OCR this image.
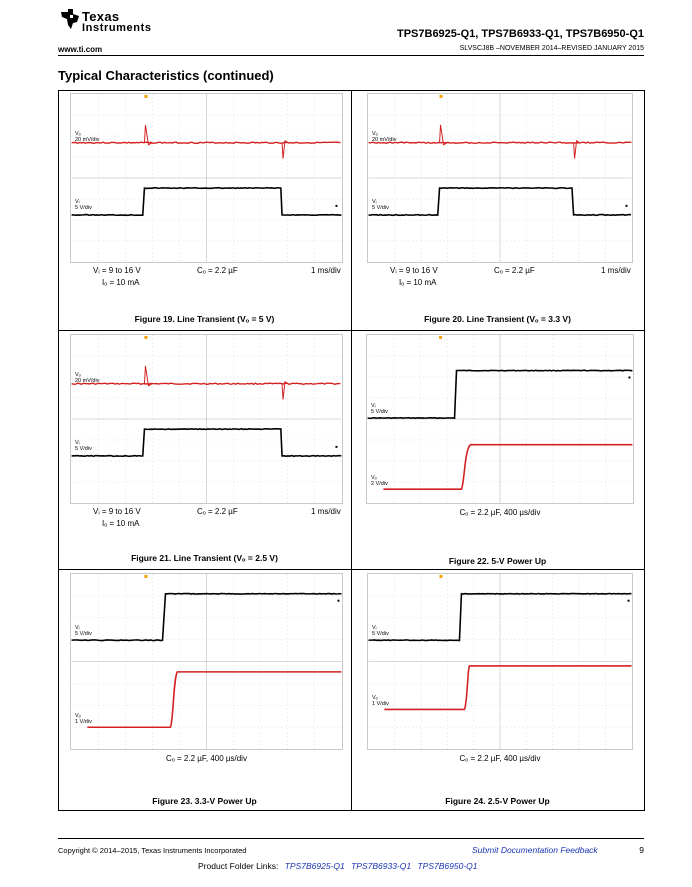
Texas
Instruments	TPS7B6925-Q1, TPS7B6933-Q1, TPS7B6950-Q1
www.ti.com	SLVSCJ8B –NOVEMBER 2014–REVISED JANUARY 2015
Typical Characteristics (continued)
Copyright © 2014–2015, Texas Instruments Incorporated	Submit Documentation Feedback	9
Product Folder Links: TPS7B6925-Q1 TPS7B6933-Q1 TPS7B6950-Q1
Vₒ
20 mV/div
Vᵢ
5 V/div
Vᵢ = 9 to 16 V	Cₒ = 2.2 µF	1 ms/div
Iₒ = 10 mA
Figure 19. Line Transient (Vₒ = 5 V)
Vₒ
20 mV/div
Vᵢ
5 V/div
Vᵢ = 9 to 16 V	Cₒ = 2.2 µF	1 ms/div
Iₒ = 10 mA
Figure 20. Line Transient (Vₒ = 3.3 V)
Vₒ
20 mV/div
Vᵢ
5 V/div
Vᵢ = 9 to 16 V	Cₒ = 2.2 µF	1 ms/div
Iₒ = 10 mA
Figure 21. Line Transient (Vₒ = 2.5 V)
Vᵢ
5 V/div
Vₒ
2 V/div
Cₒ = 2.2 µF, 400 µs/div
Figure 22. 5-V Power Up
Vᵢ
5 V/div
Vₒ
1 V/div
Cₒ = 2.2 µF, 400 µs/div
Figure 23. 3.3-V Power Up
Vᵢ
5 V/div
Vₒ
1 V/div
Cₒ = 2.2 µF, 400 µs/div
Figure 24. 2.5-V Power Up
